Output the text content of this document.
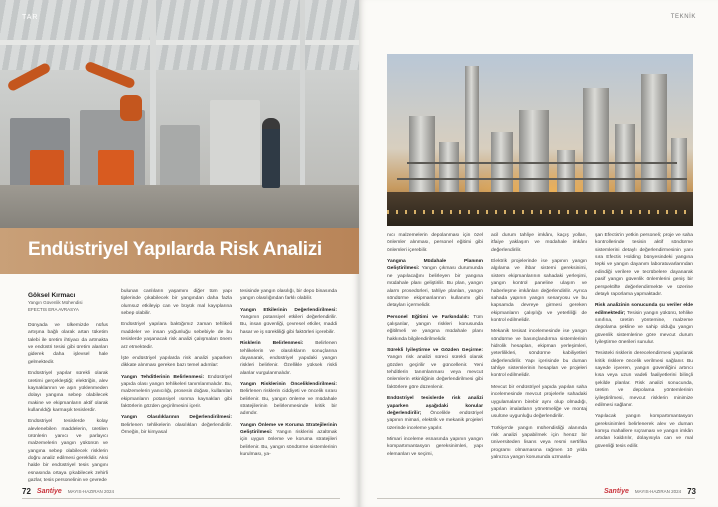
TAR
Endüstriyel Yapılarda Risk Analizi
Göksel Kırmacı
Yangın Güvenlik Mühendisi
EFECTIS ERA AVRASYA

Dünyada ve ülkemizde nüfus artışına bağlı olarak artan tüketim talebi ile üretim ihtiyacı da artmakta ve endüstri tesisi gibi üretim alanları giderek daha işlevsel hale gelmektedir.

Endüstriyel yapılar sürekli olarak üretimi gerçekleştiği; elektriğin, alev kaynaklarının ve aşırı yüklenmeden dolayı yangına sebep olabilecek makine ve ekipmanların aktif olarak kullanıldığı karmaşık tesislerdir.

Endüstriyel tesislerde kolay alevlenebilen maddelerin, üretilen ürünlerin yanıcı ve parlayıcı malzemelerin yangın yükünün ve yangına sebep olabilecek risklerin doğru analiz edilmesi gereklidir. Aksi halde bir endüstriyel tesis yangını esnasında ortaya çıkabilecek zehirli gazlar, tesis personelinin ve çevrede

bulunan canlıların yaşamını diğer tüm yapı tiplerinde çıkabilecek bir yangından daha fazla olumsuz etkileyip can ve büyük mal kayıplarına sebep olabilir.

Endüstriyel yapılara baktığımız zaman tehlikeli maddeler ve insan yoğunluğu sebebiyle de bu tesislerde yaşanacak risk analizi çalışmaları önem arz etmektedir.

İşte endüstriyel yapılarda risk analizi yaparken dikkate alınması gereken bazı temel adımlar:

Yangın Tehditlerinin Belirlenmesi: Endüstriyel yapıda olası yangın tehlikeleri tanımlanmalıdır. Bu, malzemelerin yanıcılığı, prosesin doğası, kullanılan ekipmanların potansiyel ısınma kaynakları gibi faktörlerin gözden geçirilmesini içerir.

Yangın Olasılıklarının Değerlendirilmesi: Belirlenen tehlikelerin olasılıkları değerlendirilir. Örneğin, bir kimyasal

tesisinde yangın olasılığı, bir depo binasında yangın olasılığından farklı olabilir.

Yangın Etkilerinin Değerlendirilmesi: Yangının potansiyel etkileri değerlendirilir. Bu, insan güvenliği, çevresel etkiler, maddi hasar ve iş sürekliliği gibi faktörleri içerebilir.

Risklerin Belirlenmesi: Belirlenen tehlikelerin ve olasılıkların sonuçlarına dayanarak, endüstriyel yapıdaki yangın riskleri belirlenir. Özellikle yüksek riskli alanlar vurgulanmalıdır.

Yangın Risklerinin Önceliklendirilmesi: Belirlenen risklerin ciddiyeti ve öncelik sırası belirlenir. Bu, yangın önleme ve müdahale stratejilerinin belirlenmesinde kritik bir adımdır.

Yangın Önleme ve Koruma Stratejilerinin Geliştirilmesi: Yangın risklerini azaltmak için uygun önleme ve koruma stratejileri belirlenir. Bu, yangın söndürme sistemlerinin kurulması, ya-

72 Santiye MAYIS-HAZIRAN 2024
TEKNİK

nıcı malzemelerin depolanması için özel önlemler alınması, personel eğitimi gibi önlemleri içerebilir.

Yangına Müdahale Planının Geliştirilmesi: Yangın çıkması durumunda ne yapılacağını belirleyen bir yangına müdahale planı geliştirilir. Bu plan, yangın alarm prosedürleri, tahliye planları, yangın söndürme ekipmanlarının kullanımı gibi detayları içermelidir.

Personel Eğitimi ve Farkındalık: Tüm çalışanlar, yangın riskleri konusunda eğitilmeli ve yangına müdahale planı hakkında bilgilendirilmelidir.

Sürekli İyileştirme ve Gözden Geçirme: Yangın risk analizi süreci sürekli olarak gözden geçirilir ve güncellenir. Yeni tehditlerin tanımlanması veya mevcut önlemlerin etkinliğinin değerlendirilmesi gibi faktörlere göre düzenlenir.

Endüstriyel tesislerde risk analizi yaparken aşağıdaki konular değerlendirilir; Öncelikle endüstriyel yapının mimari, elektrik ve mekanik projeleri üzerinde inceleme yapılır.

Mimari inceleme esnasında yapının yangın kompartımantasyon gereksinimleri, yapı elemanları ve seçimi,

acil durum tahliye imkânı, kaçış yolları, itfaiye yaklaşım ve müdahale imkânı değerlendirilir.

Elektrik projelerinde ise yapının yangın algılama ve ihbar sistemi gereksinimi, sistem ekipmanlarının sahadaki yerleşimi, yangın kontrol paneline ulaşım ve haberleşme imkânları değerlendirilir. Ayrıca sahada yapının yangın senaryosu ve bu kapsamda devreye girmesi gereken ekipmanların çalışılığı ve yeterliliği de kontrol edilmelidir.

Mekanik tesisat incelemesinde ise yangın söndürme ve basınçlandırma sistemlerinin hidrolik hesapları, ekipman yerleşimleri, yeterlilikleri, söndürme kabiliyetleri değerlendirilir. Yapı içerisinde bu duman tahliye sistemlerinin hesapları ve projeleri kontrol edilmelidir.

Mevcut bir endüstriyel yapıda yapılan saha incelemesinde mevcut projelerle sahadaki uygulamaların birebir aynı olup olmadığı, yapılan imalatların yönetmeliğe ve montaj usulüne uygunluğu değerlendirilir.

Türkiye'de yangın mühendisliği alanında risk analizi yapabilmek için henüz bir üniversiteden lisans veya resmi sertifika programı olmamasına rağmen 10 yılda yalnızca yangın konusunda uzmanla-

şan Efectis'in yetkin personeli; proje ve saha kontrollerinde tesisin aktif söndürme sistemlerini detaylı değerlendirmesinin yanı sıra Efectis Holding bünyesindeki yangına tepki ve yangın dayanım laboratuvarlarından edindiği verilere ve tecrübelere dayanarak pasif yangın güvenlik önlemlerini geniş bir perspektifte değerlendirmekte ve üzerine detaylı raporlama yapmaktadır.

Risk analizinin sonucunda şu veriler elde edilmektedir; Tesisin yangın yükünü, tehlike sınıfına, üretim yöntemine, malzeme depolama şekline ve sahip olduğu yangın güvenlik sistemlerine göre mevcut durum İyileştirme önerileri sunulur.

Tesisteki risklerin derecelendirmesi yapılarak kritik risklere öncelik verilmesi sağlanır. Bu sayede işveren, yangın güvenliğini artırıcı kısa veya uzun vadeli faaliyetlerini bilinçli şekilde planlar. Risk analizi sonucunda, üretim ve depolama yöntemlerinin iyileştirilmesi, mevcut risklerin minimize edilmesi sağlanır.

Yapılacak yangın kompartımantasyon gereksinimleri belirlenerek alev ve duman komşu mahallere sıçraması ve yangın imkân artıdan kaldırılır, dolayısıyla can ve mal güvenliği tesis edilir.

Santiye MAYIS-HAZIRAN 2024 73
